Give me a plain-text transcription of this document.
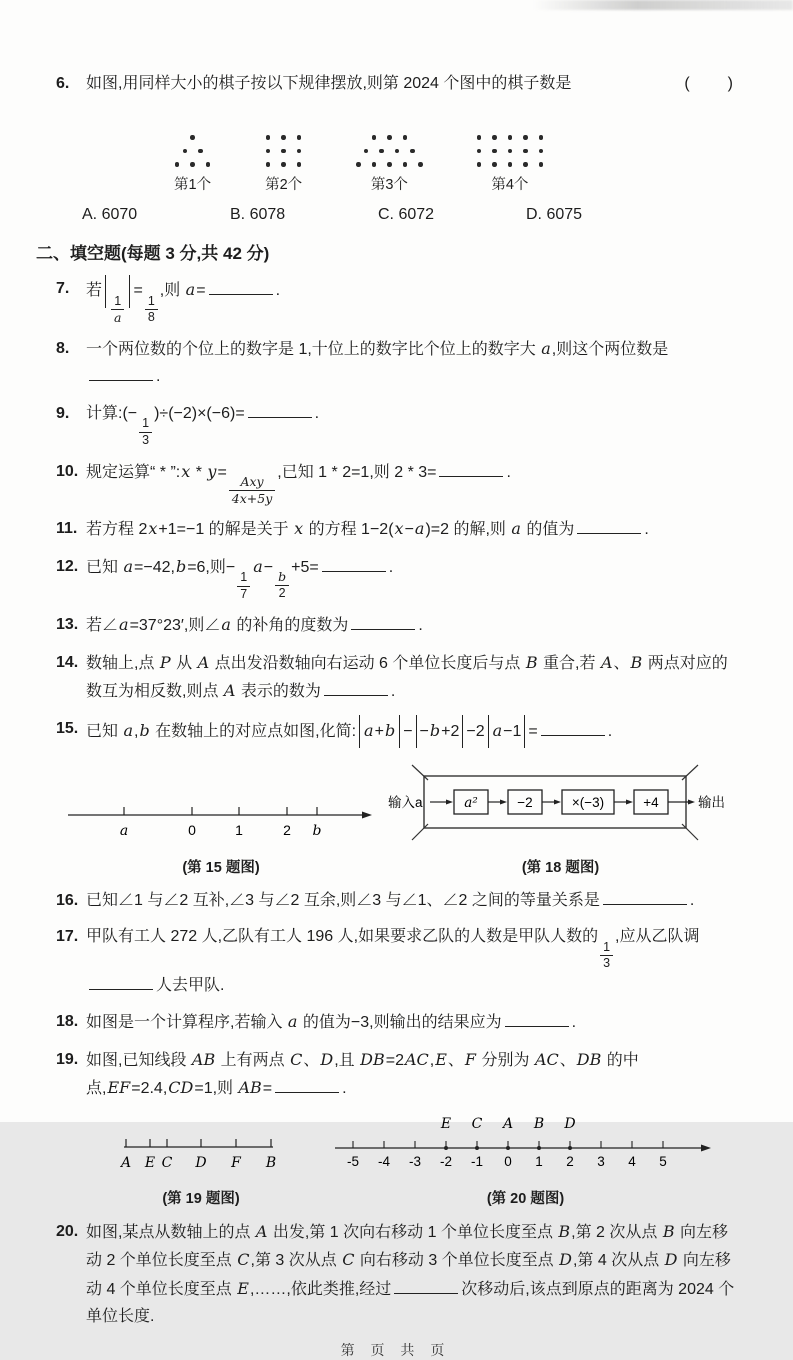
6.	(　　)
如图,用同样大小的棋子按以下规律摆放,则第 2024 个图中的棋子数是

第1个	第2个	第3个	第4个
A. 6070	B. 6078	C. 6072	D. 6075

二、填空题(每题 3 分,共 42 分)

7. 若
$\frac{1}{a}$
=
$\frac{1}{8}$
,则 a=	.

8. 一个两位数的个位上的数字是 1,十位上的数字比个位上的数字大 a,则这个两位数是.

9. 计算:(−
$\frac{1}{3}$
)÷(−2)×(−6)=	.

10. 规定运算“ * ”:x * y=
$\frac{\text{Axy}}{4x+5y}$
,已知 1 * 2=1,则 2 * 3=	.

11. 若方程 2x+1=−1 的解是关于 x 的方程 1−2(x−a)=2 的解,则 a 的值为	.

12. 已知 a=−42,b=6,则−
$\frac{1}{7}$
a−
$\frac{b}{2}$
+5=	.

13. 若∠a=37°23′,则∠a 的补角的度数为	.

14. 数轴上,点 P 从 A 点出发沿数轴向右运动 6 个单位长度后与点 B 重合,若 A、B 两点对应的数互为相反数,则点 A 表示的数为	.

15. 已知 a,b 在数轴上的对应点如图,化简: a+b − −b+2 −2 a−1 =	.

a	0	1	2 b
(第 15 题图)
输入a	a²	−2	×(−3)	+4	输出
(第 18 题图)

16. 已知∠1 与∠2 互补,∠3 与∠2 互余,则∠3 与∠1、∠2 之间的等量关系是	.

17. 甲队有工人 272 人,乙队有工人 196 人,如果要求乙队的人数是甲队人数的
$\frac{1}{3}$
,应从乙队调人去甲队.

18. 如图是一个计算程序,若输入 a 的值为−3,则输出的结果应为	.

19. 如图,已知线段 AB 上有两点 C、D,且 DB=2AC,E、F 分别为 AC、DB 的中点,EF=2.4,CD=1,则 AB=	.

A E C D F B
(第 19 题图)
-5 -4 -3 -2 -1 0 1 2 3 4 5
E C A B D
(第 20 题图)

20. 如图,某点从数轴上的点 A 出发,第 1 次向右移动 1 个单位长度至点 B,第 2 次从点 B 向左移动 2 个单位长度至点 C,第 3 次从点 C 向右移动 3 个单位长度至点 D,第 4 次从点 D 向左移动 4 个单位长度至点 E,……,依此类推,经过	次移动后,该点到原点的距离为 2024 个单位长度.

第 页 共 页
